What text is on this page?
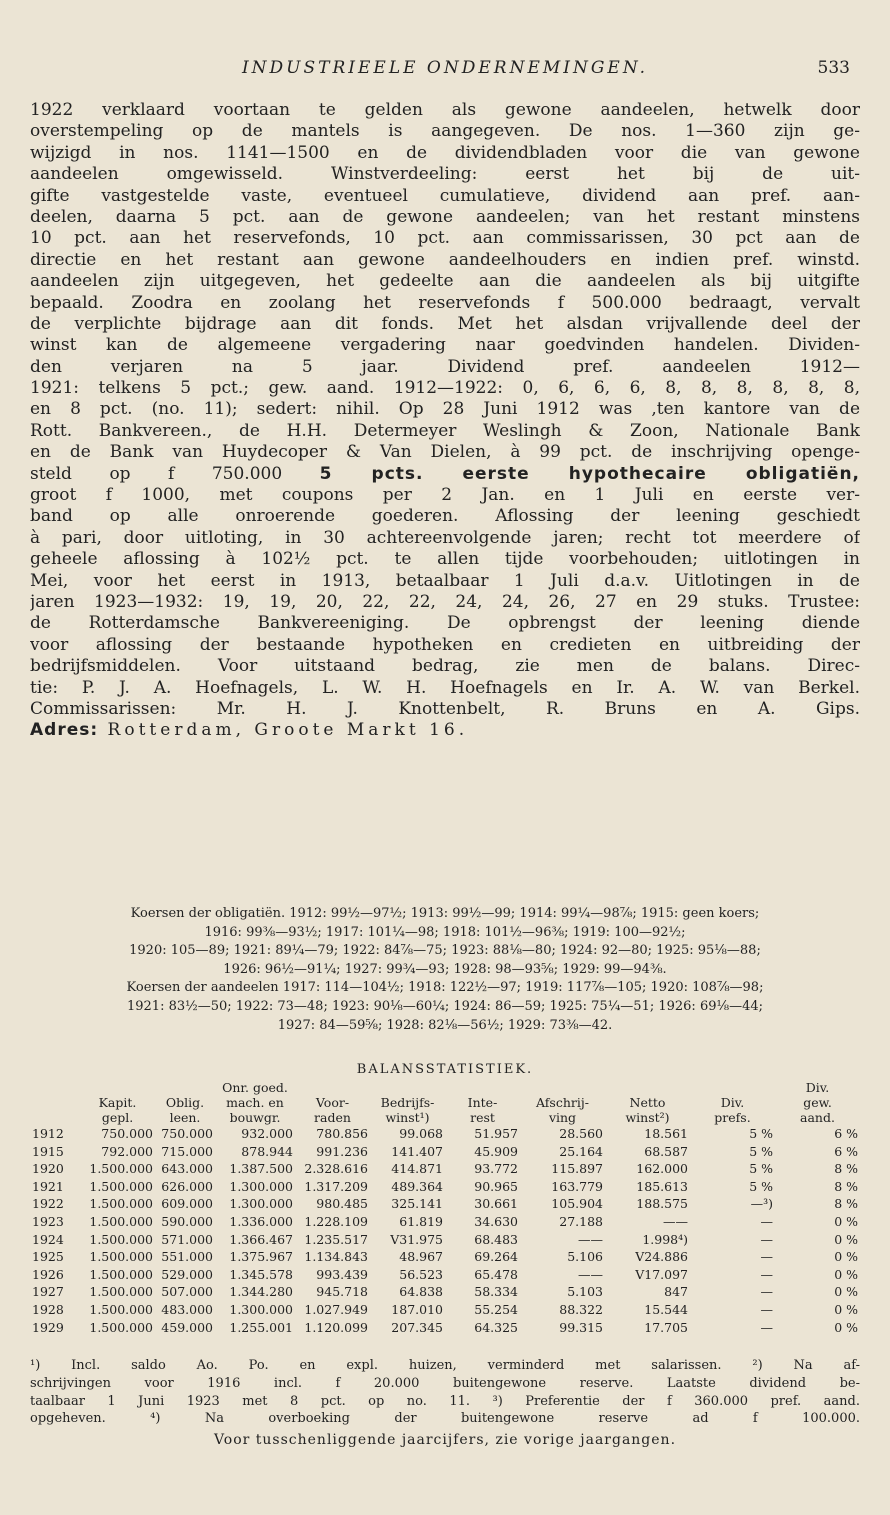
INDUSTRIEELE ONDERNEMINGEN.	533
1922 verklaard voortaan te gelden als gewone aandeelen, hetwelk door
overstempeling op de mantels is aangegeven. De nos. 1—360 zijn ge-
wijzigd in nos. 1141—1500 en de dividendbladen voor die van gewone
aandeelen omgewisseld. Winstverdeeling: eerst het bij de uit-
gifte vastgestelde vaste, eventueel cumulatieve, dividend aan pref. aan-
deelen, daarna 5 pct. aan de gewone aandeelen; van het restant minstens
10 pct. aan het reservefonds, 10 pct. aan commissarissen, 30 pct aan de
directie en het restant aan gewone aandeelhouders en indien pref. winstd.
aandeelen zijn uitgegeven, het gedeelte aan die aandeelen als bij uitgifte
bepaald. Zoodra en zoolang het reservefonds f 500.000 bedraagt, vervalt
de verplichte bijdrage aan dit fonds. Met het alsdan vrijvallende deel der
winst kan de algemeene vergadering naar goedvinden handelen. Dividen-
den verjaren na 5 jaar. Dividend pref. aandeelen 1912—
1921: telkens 5 pct.; gew. aand. 1912—1922: 0, 6, 6, 6, 8, 8, 8, 8, 8, 8,
en 8 pct. (no. 11); sedert: nihil. Op 28 Juni 1912 was ,ten kantore van de
Rott. Bankvereen., de H.H. Determeyer Weslingh & Zoon, Nationale Bank
en de Bank van Huydecoper & Van Dielen, à 99 pct. de inschrijving openge-
steld op f 750.000 5 pcts. eerste hypothecaire obligatiën,
groot f 1000, met coupons per 2 Jan. en 1 Juli en eerste ver-
band op alle onroerende goederen. Aflossing der leening geschiedt
à pari, door uitloting, in 30 achtereenvolgende jaren; recht tot meerdere of
geheele aflossing à 102½ pct. te allen tijde voorbehouden; uitlotingen in
Mei, voor het eerst in 1913, betaalbaar 1 Juli d.a.v. Uitlotingen in de
jaren 1923—1932: 19, 19, 20, 22, 22, 24, 24, 26, 27 en 29 stuks. Trustee:
de Rotterdamsche Bankvereeniging. De opbrengst der leening diende
voor aflossing der bestaande hypotheken en credieten en uitbreiding der
bedrijfsmiddelen. Voor uitstaand bedrag, zie men de balans. Direc-
tie: P. J. A. Hoefnagels, L. W. H. Hoefnagels en Ir. A. W. van Berkel.
Commissarissen: Mr. H. J. Knottenbelt, R. Bruns en A. Gips.
Adres: Rotterdam, Groote Markt 16.
Koersen der obligatiën. 1912: 99½—97½; 1913: 99½—99; 1914: 99¼—98⅞; 1915: geen koers;
1916: 99⅜—93½; 1917: 101¼—98; 1918: 101½—96⅜; 1919: 100—92½;
1920: 105—89; 1921: 89¼—79; 1922: 84⅞—75; 1923: 88⅛—80; 1924: 92—80; 1925: 95⅛—88;
1926: 96½—91¼; 1927: 99¾—93; 1928: 98—93⅝; 1929: 99—94⅜.
Koersen der aandeelen 1917: 114—104½; 1918: 122½—97; 1919: 117⅞—105; 1920: 108⅞—98;
1921: 83½—50; 1922: 73—48; 1923: 90⅛—60¼; 1924: 86—59; 1925: 75¼—51; 1926: 69⅛—44;
1927: 84—59⅝; 1928: 82⅛—56½; 1929: 73⅜—42.
BALANSSTATISTIEK.
			Onr. goed.							Div.
	Kapit.	Oblig.	mach. en	Voor-	Bedrijfs-	Inte-	Afschrij-	Netto	Div.	gew.
	gepl.	leen.	bouwgr.	raden	winst¹)	rest	ving	winst²)	prefs.	aand.
1912	750.000	750.000	932.000	780.856	99.068	51.957	28.560	18.561	5 %	6 %
1915	792.000	715.000	878.944	991.236	141.407	45.909	25.164	68.587	5 %	6 %
1920	1.500.000	643.000	1.387.500	2.328.616	414.871	93.772	115.897	162.000	5 %	8 %
1921	1.500.000	626.000	1.300.000	1.317.209	489.364	90.965	163.779	185.613	5 %	8 %
1922	1.500.000	609.000	1.300.000	980.485	325.141	30.661	105.904	188.575	—³)	8 %
1923	1.500.000	590.000	1.336.000	1.228.109	61.819	34.630	27.188	——	—	0 %
1924	1.500.000	571.000	1.366.467	1.235.517	V31.975	68.483	——	1.998⁴)	—	0 %
1925	1.500.000	551.000	1.375.967	1.134.843	48.967	69.264	5.106	V24.886	—	0 %
1926	1.500.000	529.000	1.345.578	993.439	56.523	65.478	——	V17.097	—	0 %
1927	1.500.000	507.000	1.344.280	945.718	64.838	58.334	5.103	847	—	0 %
1928	1.500.000	483.000	1.300.000	1.027.949	187.010	55.254	88.322	15.544	—	0 %
1929	1.500.000	459.000	1.255.001	1.120.099	207.345	64.325	99.315	17.705	—	0 %
¹) Incl. saldo Ao. Po. en expl. huizen, verminderd met salarissen. ²) Na af-
schrijvingen voor 1916 incl. f 20.000 buitengewone reserve. Laatste dividend be-
taalbaar 1 Juni 1923 met 8 pct. op no. 11. ³) Preferentie der f 360.000 pref. aand.
opgeheven. ⁴) Na overboeking der buitengewone reserve ad f 100.000.
Voor tusschenliggende jaarcijfers, zie vorige jaargangen.
